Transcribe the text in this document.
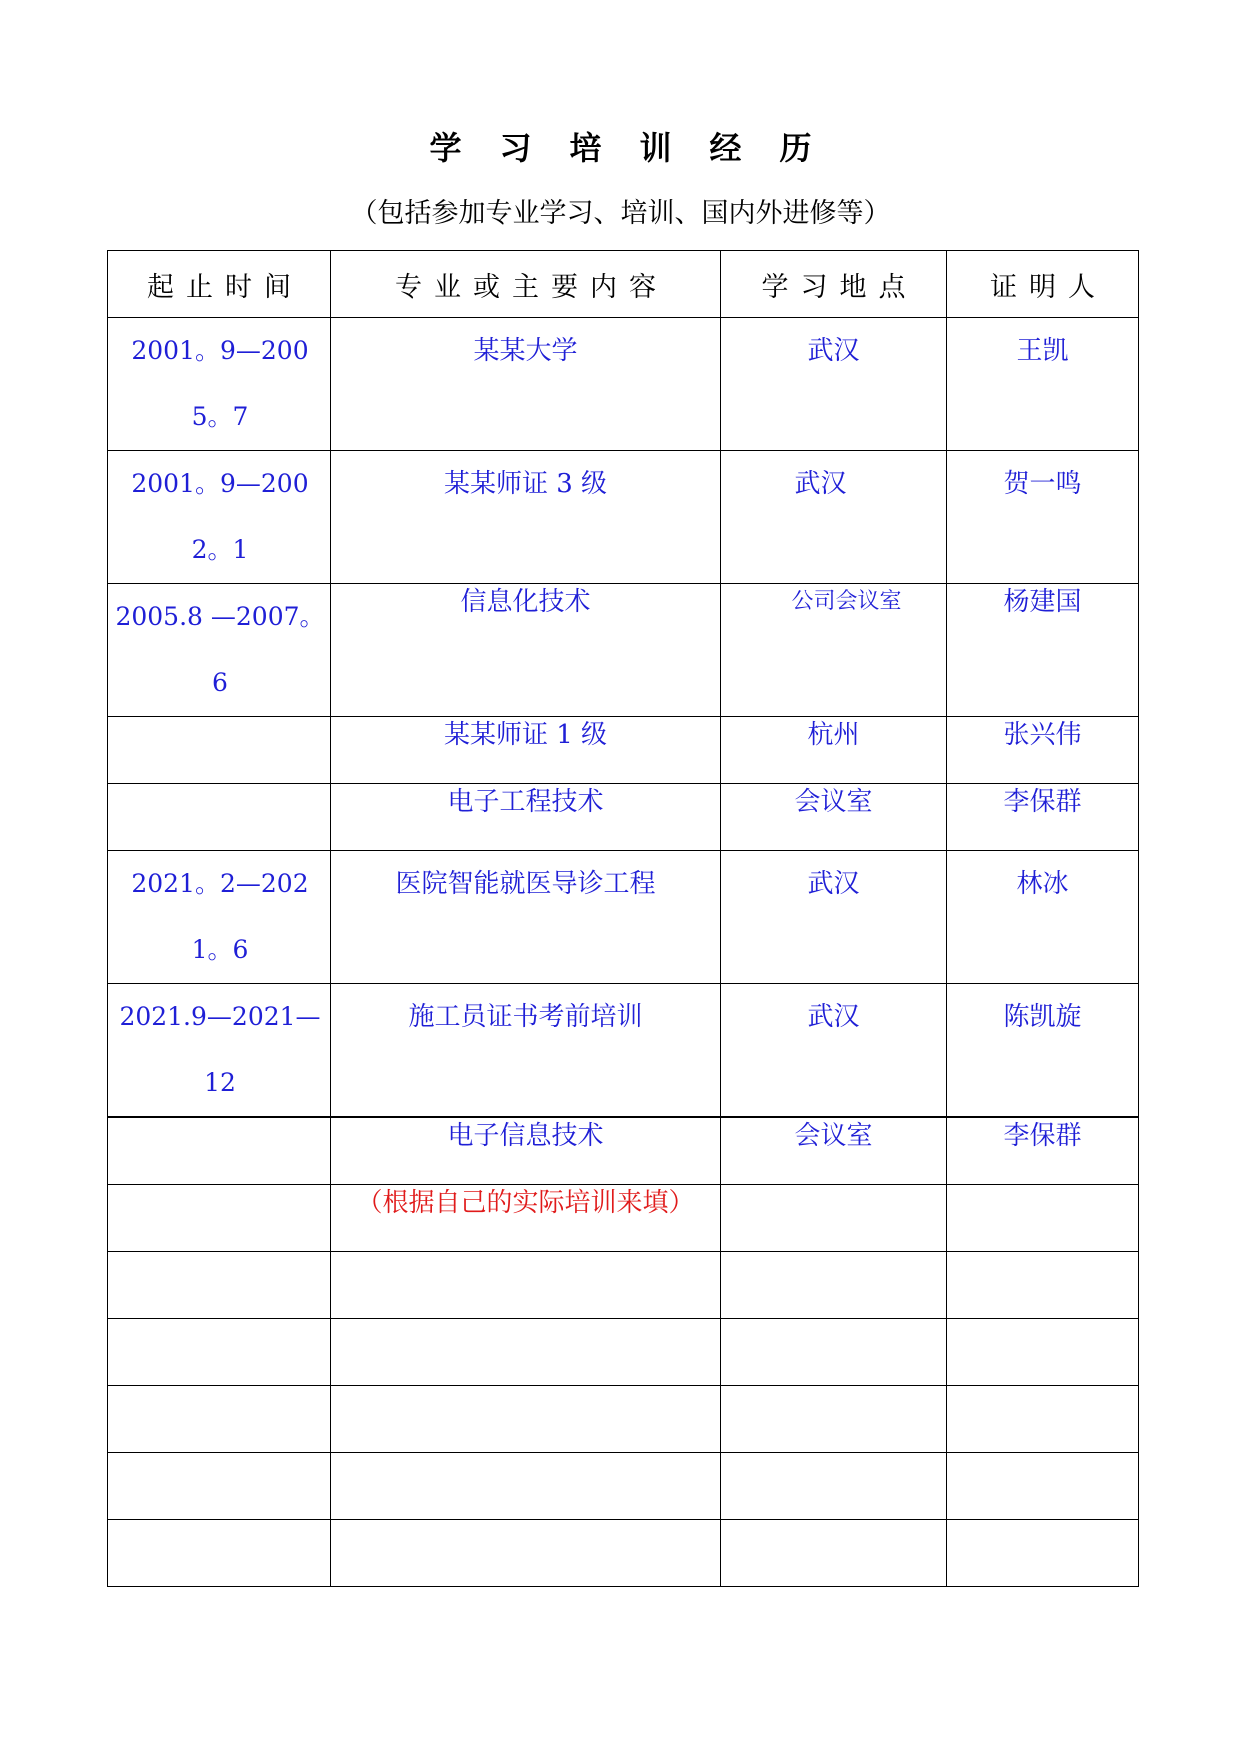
学习培训经历
（包括参加专业学习、培训、国内外进修等）
起止时间	专业或主要内容	学习地点	证明人

2001。9—2005。7	某某大学	武汉	王凯

2001。9—2002。1	某某师证 3 级	武汉	贺一鸣

2005.8 —2007。6	信息化技术	公司会议室	杨建国

	某某师证 1 级	杭州	张兴伟

	电子工程技术	会议室	李保群

2021。2—2021。6	医院智能就医导诊工程	武汉	林冰

2021.9—2021—12	施工员证书考前培训	武汉	陈凯旋

	电子信息技术	会议室	李保群

	（根据自己的实际培训来填）		
